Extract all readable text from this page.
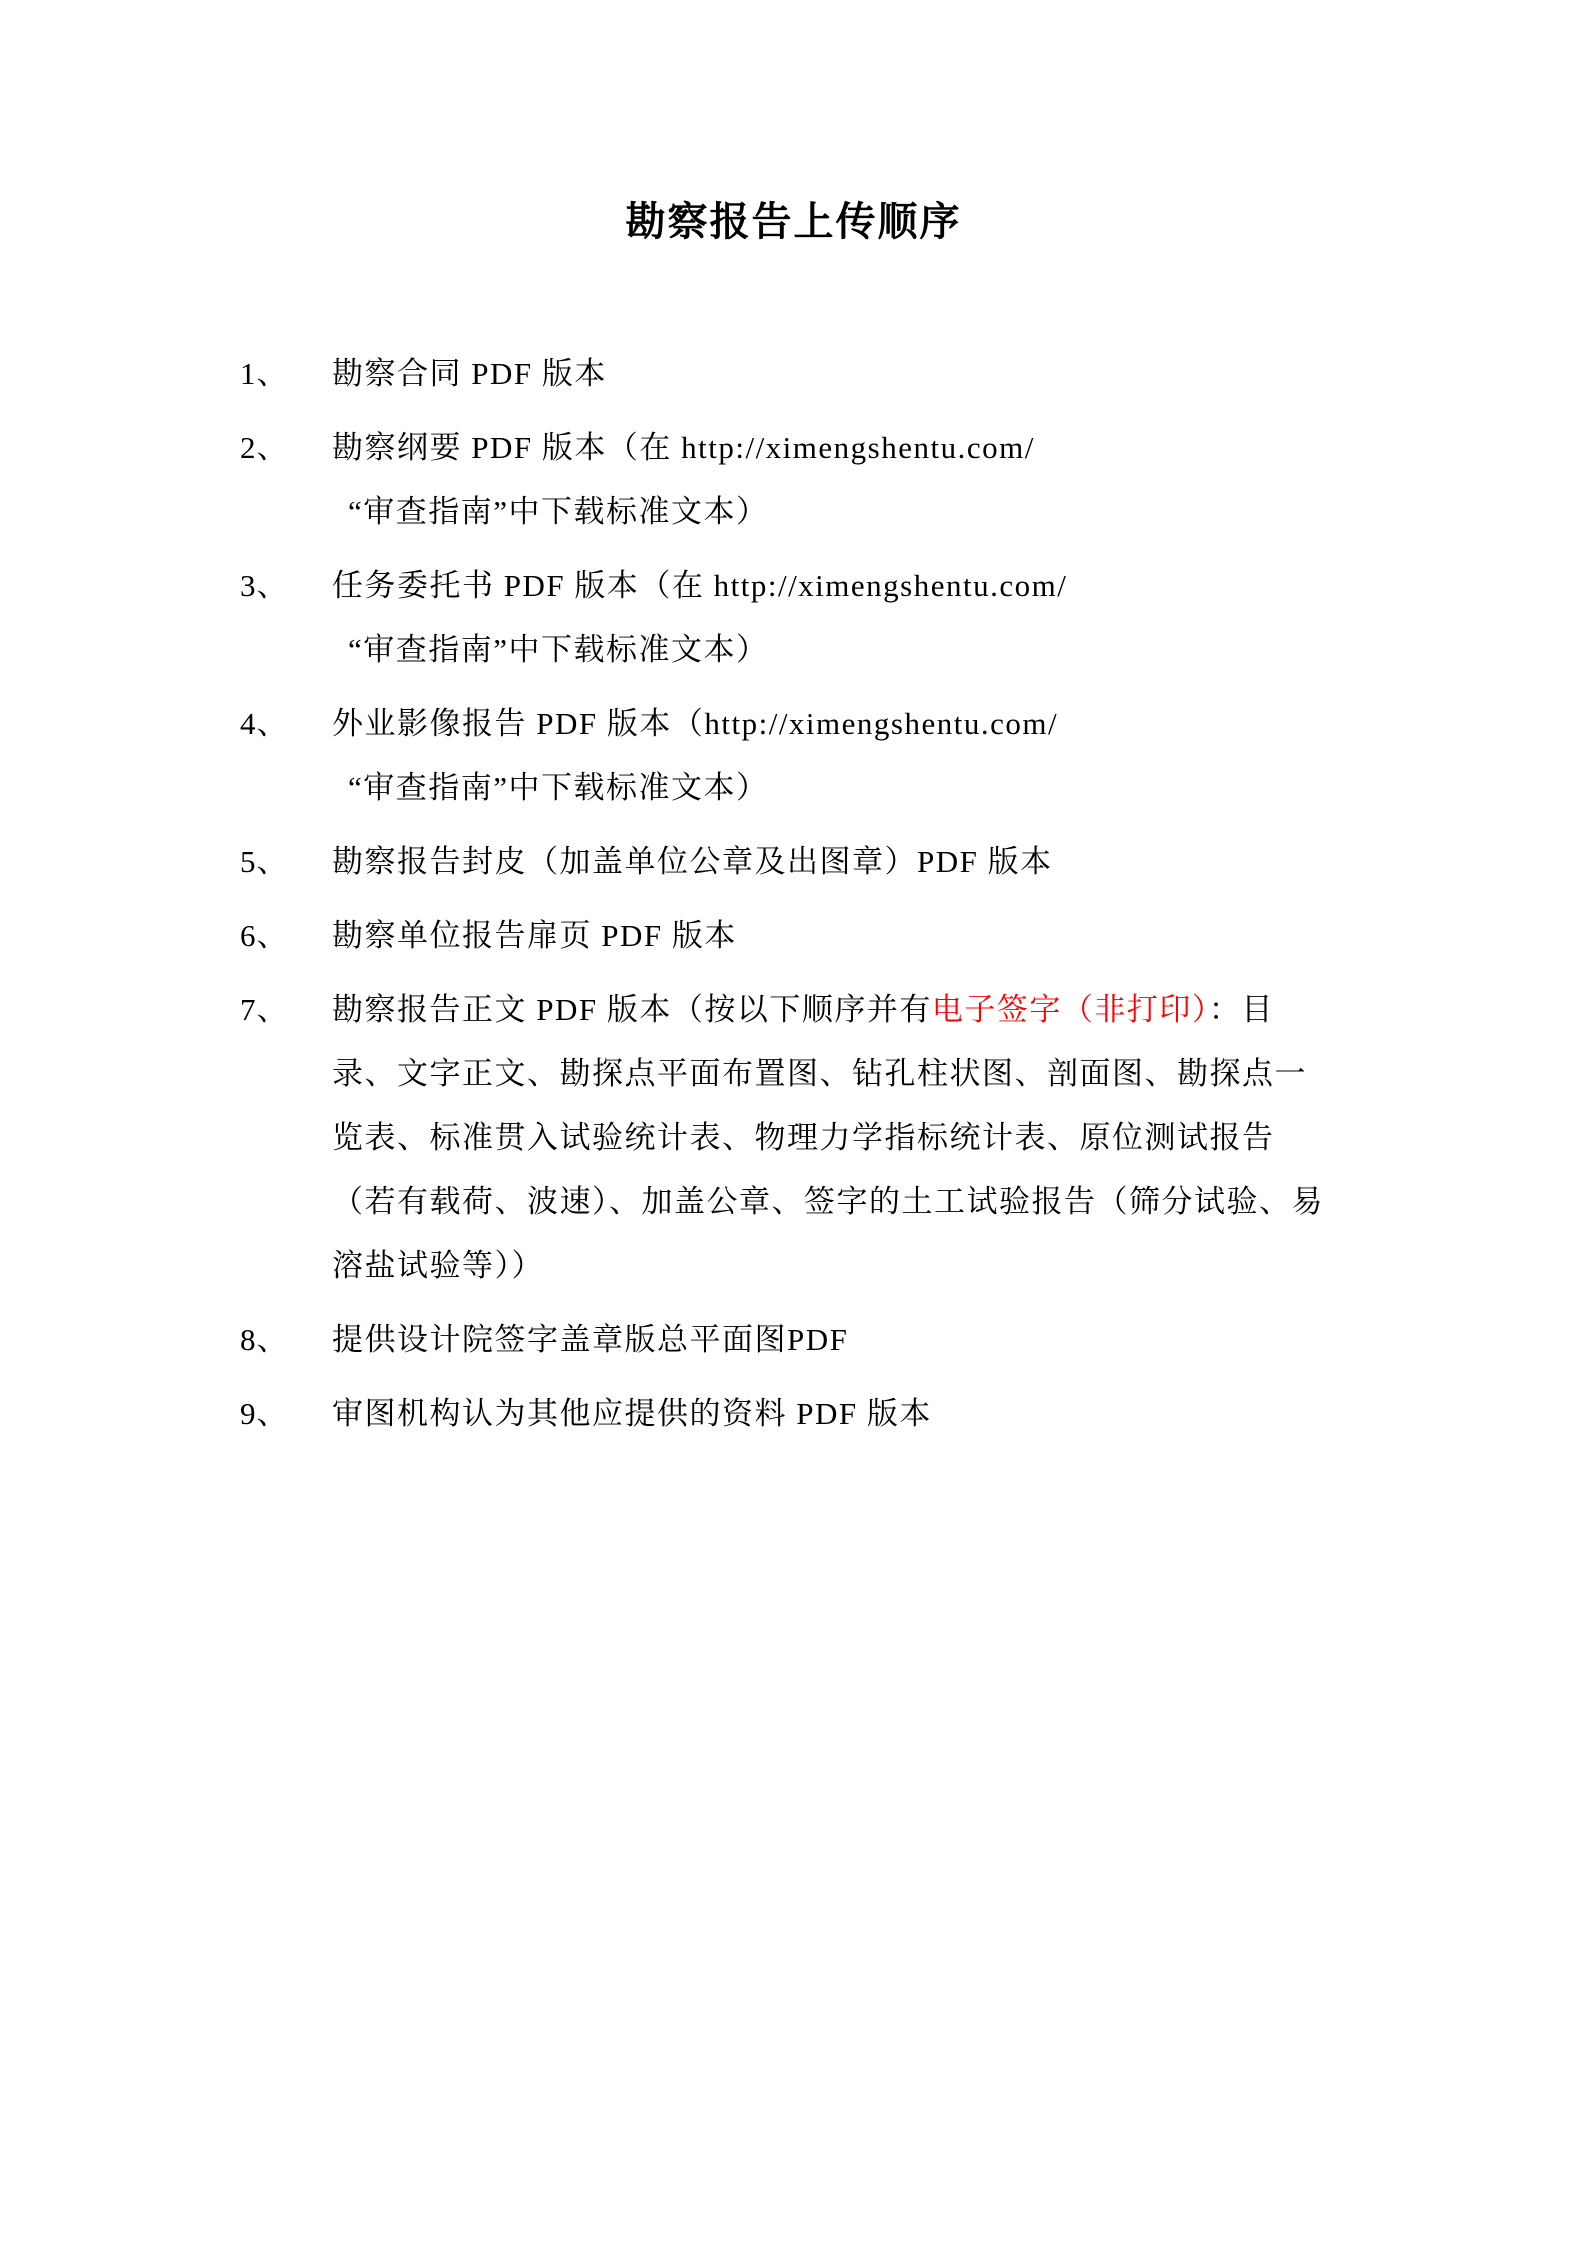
勘察报告上传顺序
1、	勘察合同 PDF 版本
2、	勘察纲要 PDF 版本（在 http://ximengshentu.com/
“审查指南”中下载标准文本）
3、	任务委托书 PDF 版本（在 http://ximengshentu.com/
“审查指南”中下载标准文本）
4、	外业影像报告 PDF 版本（http://ximengshentu.com/
“审查指南”中下载标准文本）
5、	勘察报告封皮（加盖单位公章及出图章）PDF 版本
6、	勘察单位报告扉页 PDF 版本
7、	勘察报告正文 PDF 版本（按以下顺序并有电子签字（非打印）：目录、文字正文、勘探点平面布置图、钻孔柱状图、剖面图、勘探点一览表、标准贯入试验统计表、物理力学指标统计表、原位测试报告（若有载荷、波速）、加盖公章、签字的土工试验报告（筛分试验、易溶盐试验等））
8、	提供设计院签字盖章版总平面图PDF
9、	审图机构认为其他应提供的资料 PDF 版本
